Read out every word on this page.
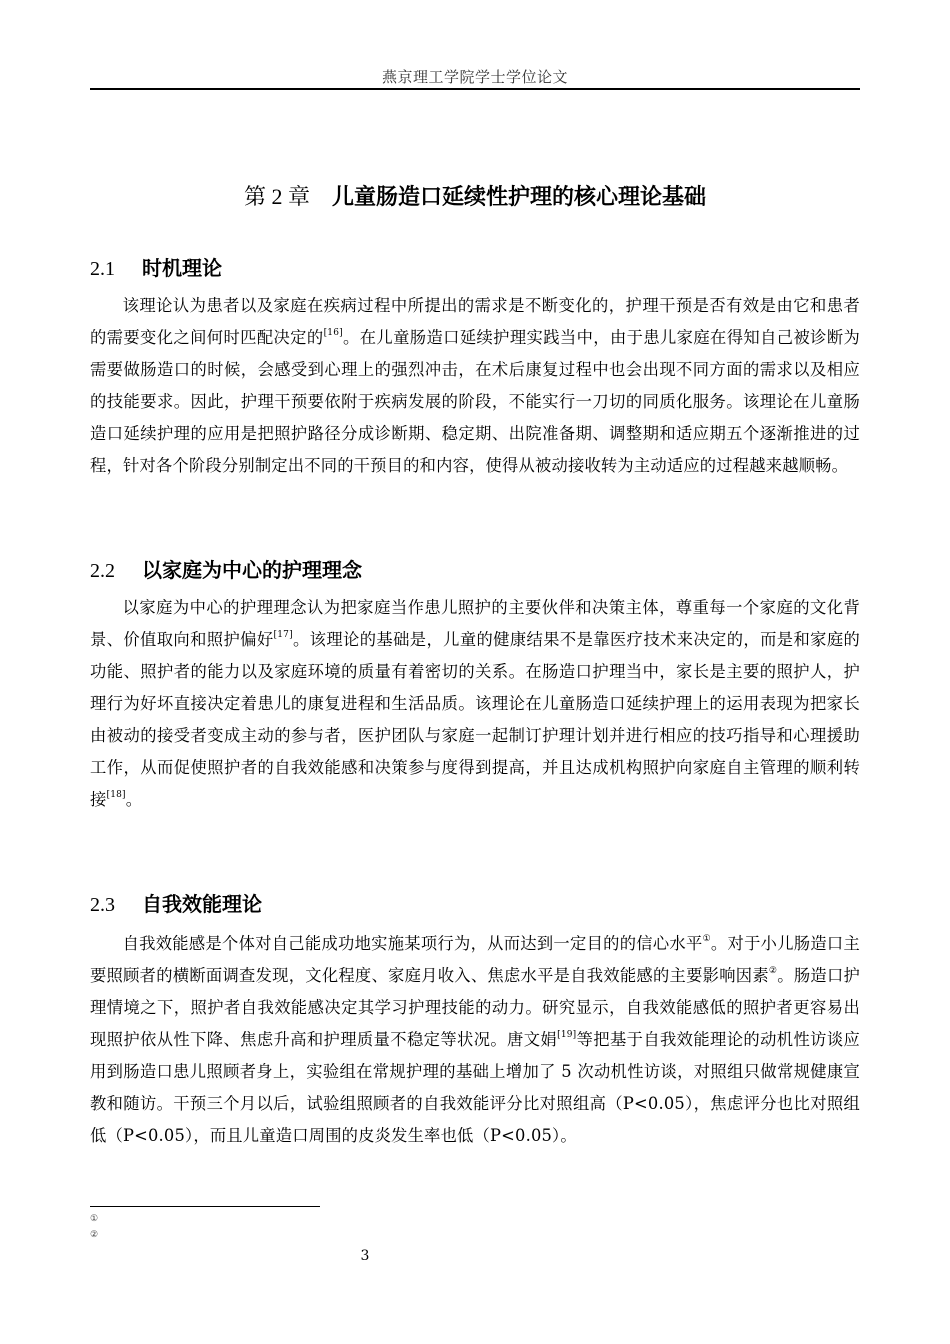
燕京理工学院学士学位论文
第 2 章　 儿童肠造口延续性护理的核心理论基础
2.1 时机理论
该理论认为患者以及家庭在疾病过程中所提出的需求是不断变化的，护理干预是否有效是由它和患者的需要变化之间何时匹配决定的[16]。在儿童肠造口延续护理实践当中，由于患儿家庭在得知自己被诊断为需要做肠造口的时候，会感受到心理上的强烈冲击，在术后康复过程中也会出现不同方面的需求以及相应的技能要求。因此，护理干预要依附于疾病发展的阶段，不能实行一刀切的同质化服务。该理论在儿童肠造口延续护理的应用是把照护路径分成诊断期、稳定期、出院准备期、调整期和适应期五个逐渐推进的过程，针对各个阶段分别制定出不同的干预目的和内容，使得从被动接收转为主动适应的过程越来越顺畅。
2.2 以家庭为中心的护理理念
以家庭为中心的护理理念认为把家庭当作患儿照护的主要伙伴和决策主体，尊重每一个家庭的文化背景、价值取向和照护偏好[17]。该理论的基础是，儿童的健康结果不是靠医疗技术来决定的，而是和家庭的功能、照护者的能力以及家庭环境的质量有着密切的关系。在肠造口护理当中，家长是主要的照护人，护理行为好坏直接决定着患儿的康复进程和生活品质。该理论在儿童肠造口延续护理上的运用表现为把家长由被动的接受者变成主动的参与者，医护团队与家庭一起制订护理计划并进行相应的技巧指导和心理援助工作，从而促使照护者的自我效能感和决策参与度得到提高，并且达成机构照护向家庭自主管理的顺利转接[18]。
2.3 自我效能理论
自我效能感是个体对自己能成功地实施某项行为，从而达到一定目的的信心水平①。对于小儿肠造口主要照顾者的横断面调查发现，文化程度、家庭月收入、焦虑水平是自我效能感的主要影响因素②。肠造口护理情境之下，照护者自我效能感决定其学习护理技能的动力。研究显示，自我效能感低的照护者更容易出现照护依从性下降、焦虑升高和护理质量不稳定等状况。唐文娟[19]等把基于自我效能理论的动机性访谈应用到肠造口患儿照顾者身上，实验组在常规护理的基础上增加了 5 次动机性访谈，对照组只做常规健康宣教和随访。干预三个月以后，试验组照顾者的自我效能评分比对照组高（P<0.05），焦虑评分也比对照组低（P<0.05），而且儿童造口周围的皮炎发生率也低（P<0.05）。
①
②
3
